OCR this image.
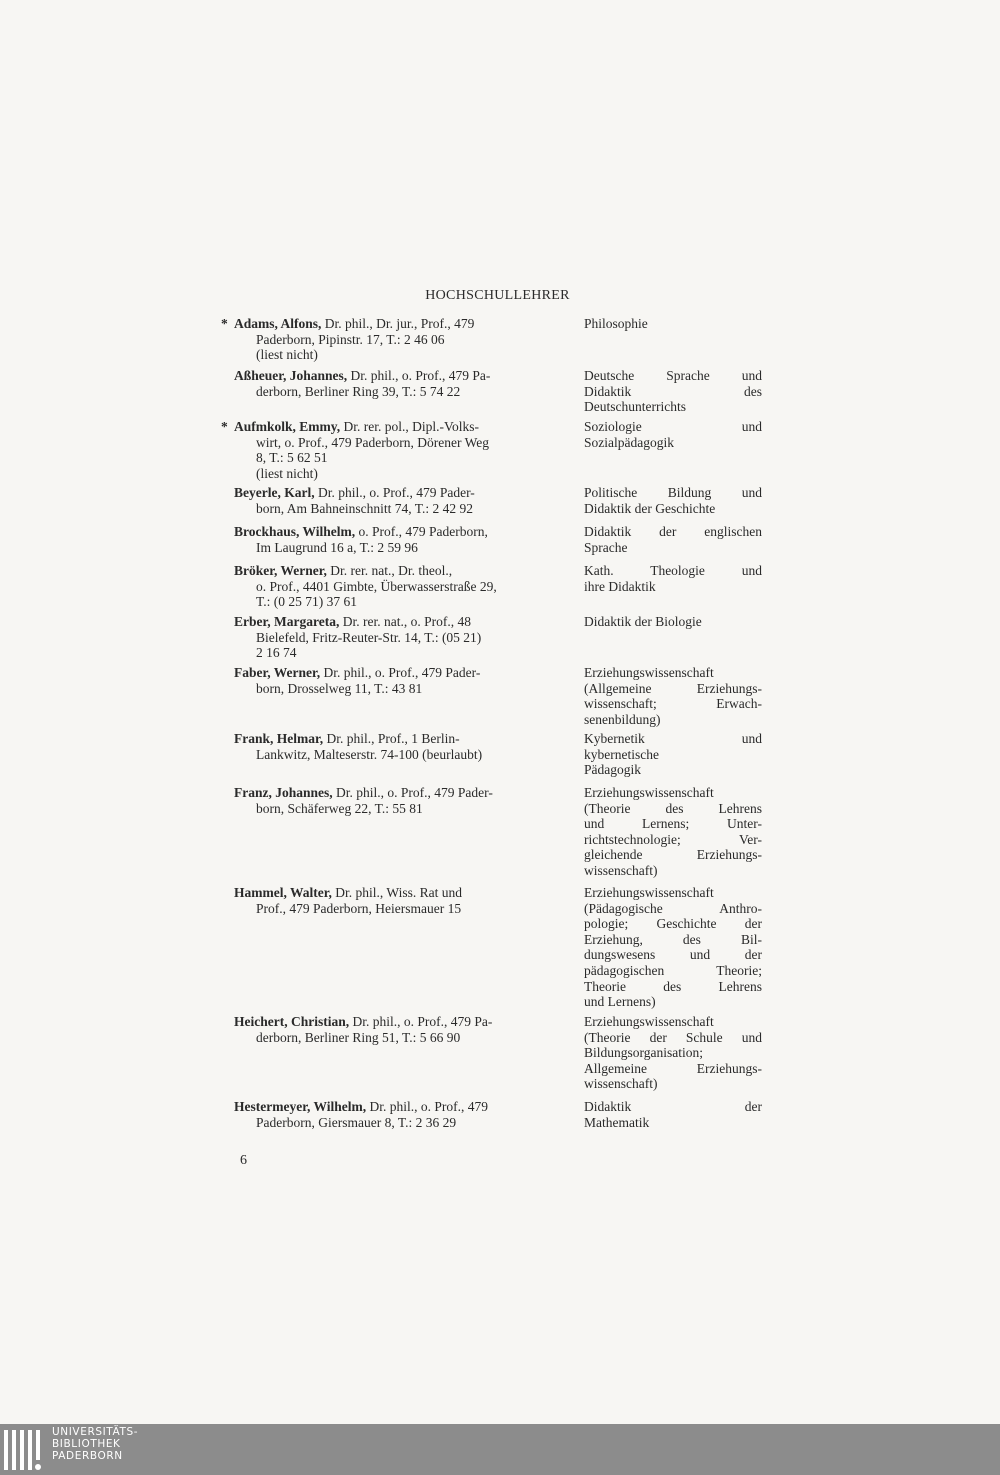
HOCHSCHULLEHRER
* Adams, Alfons, Dr. phil., Dr. jur., Prof., 479
Paderborn, Pipinstr. 17, T.: 2 46 06
(liest nicht)
Philosophie
Aßheuer, Johannes, Dr. phil., o. Prof., 479 Pa-
derborn, Berliner Ring 39, T.: 5 74 22
Deutsche Sprache und
Didaktik des
Deutschunterrichts
* Aufmkolk, Emmy, Dr. rer. pol., Dipl.-Volks-
wirt, o. Prof., 479 Paderborn, Dörener Weg
8, T.: 5 62 51
(liest nicht)
Soziologie und
Sozialpädagogik
Beyerle, Karl, Dr. phil., o. Prof., 479 Pader-
born, Am Bahneinschnitt 74, T.: 2 42 92
Politische Bildung und
Didaktik der Geschichte
Brockhaus, Wilhelm, o. Prof., 479 Paderborn,
Im Laugrund 16 a, T.: 2 59 96
Didaktik der englischen
Sprache
Bröker, Werner, Dr. rer. nat., Dr. theol.,
o. Prof., 4401 Gimbte, Überwasserstraße 29,
T.: (0 25 71) 37 61
Kath. Theologie und
ihre Didaktik
Erber, Margareta, Dr. rer. nat., o. Prof., 48
Bielefeld, Fritz-Reuter-Str. 14, T.: (05 21)
2 16 74
Didaktik der Biologie
Faber, Werner, Dr. phil., o. Prof., 479 Pader-
born, Drosselweg 11, T.: 43 81
Erziehungswissenschaft
(Allgemeine Erziehungs-
wissenschaft; Erwach-
senenbildung)
Frank, Helmar, Dr. phil., Prof., 1 Berlin-
Lankwitz, Malteserstr. 74-100 (beurlaubt)
Kybernetik und
kybernetische
Pädagogik
Franz, Johannes, Dr. phil., o. Prof., 479 Pader-
born, Schäferweg 22, T.: 55 81
Erziehungswissenschaft
(Theorie des Lehrens
und Lernens; Unter-
richtstechnologie; Ver-
gleichende Erziehungs-
wissenschaft)
Hammel, Walter, Dr. phil., Wiss. Rat und
Prof., 479 Paderborn, Heiersmauer 15
Erziehungswissenschaft
(Pädagogische Anthro-
pologie; Geschichte der
Erziehung, des Bil-
dungswesens und der
pädagogischen Theorie;
Theorie des Lehrens
und Lernens)
Heichert, Christian, Dr. phil., o. Prof., 479 Pa-
derborn, Berliner Ring 51, T.: 5 66 90
Erziehungswissenschaft
(Theorie der Schule und
Bildungsorganisation;
Allgemeine Erziehungs-
wissenschaft)
Hestermeyer, Wilhelm, Dr. phil., o. Prof., 479
Paderborn, Giersmauer 8, T.: 2 36 29
Didaktik der
Mathematik
6
UNIVERSITÄTS-
BIBLIOTHEK
PADERBORN
